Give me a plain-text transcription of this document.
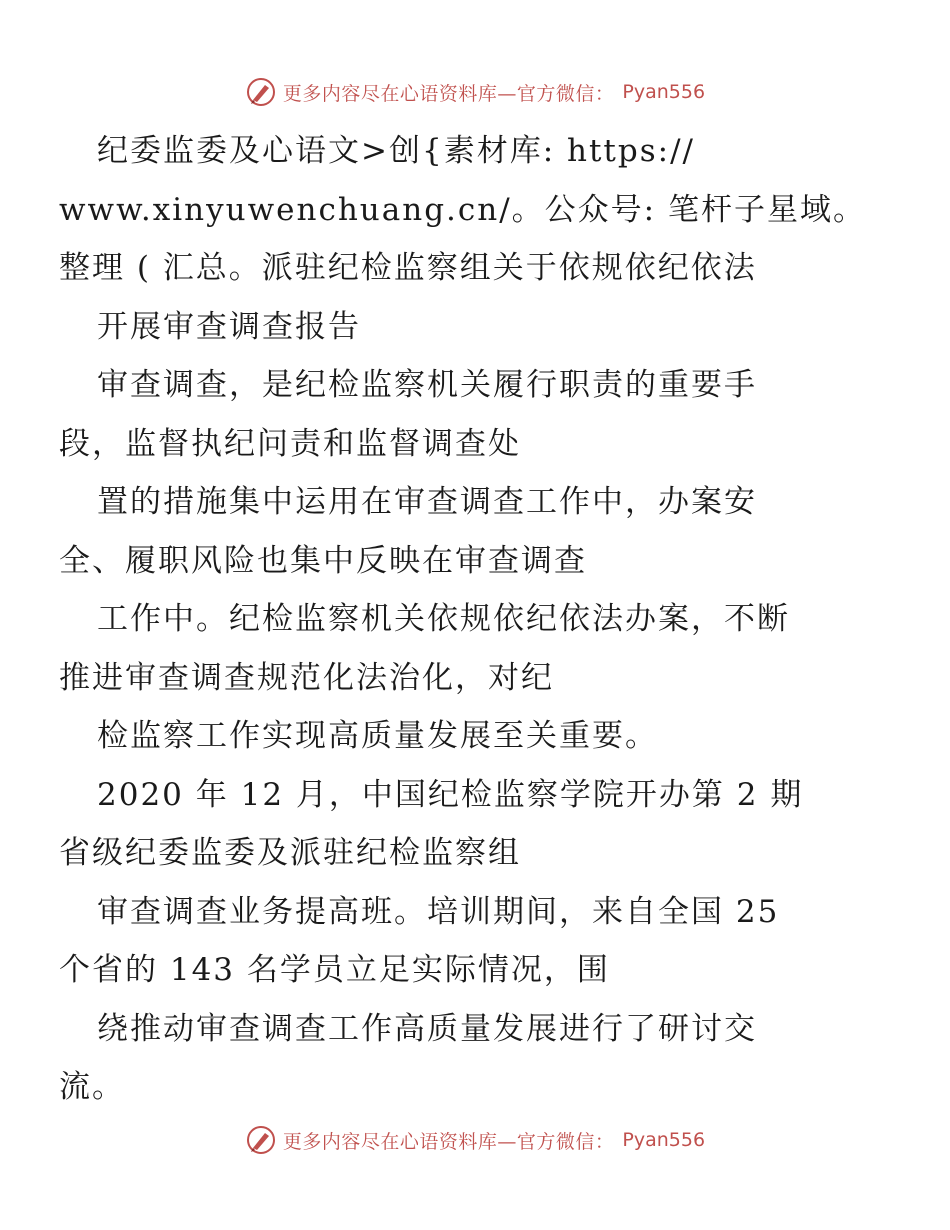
更多内容尽在心语资料库—官方微信： Pyan556
纪委监委及心语文>创{素材库: https://
www.xinyuwenchuang.cn/。公众号: 笔杆子星域。
整理 ( 汇总。派驻纪检监察组关于依规依纪依法
开展审查调查报告
审查调查，是纪检监察机关履行职责的重要手
段，监督执纪问责和监督调查处
置的措施集中运用在审查调查工作中，办案安
全、履职风险也集中反映在审查调查
工作中。纪检监察机关依规依纪依法办案，不断
推进审查调查规范化法治化，对纪
检监察工作实现高质量发展至关重要。
2020 年 12 月，中国纪检监察学院开办第 2 期
省级纪委监委及派驻纪检监察组
审查调查业务提高班。培训期间，来自全国 25
个省的 143 名学员立足实际情况，围
绕推动审查调查工作高质量发展进行了研讨交
流。
更多内容尽在心语资料库—官方微信： Pyan556
